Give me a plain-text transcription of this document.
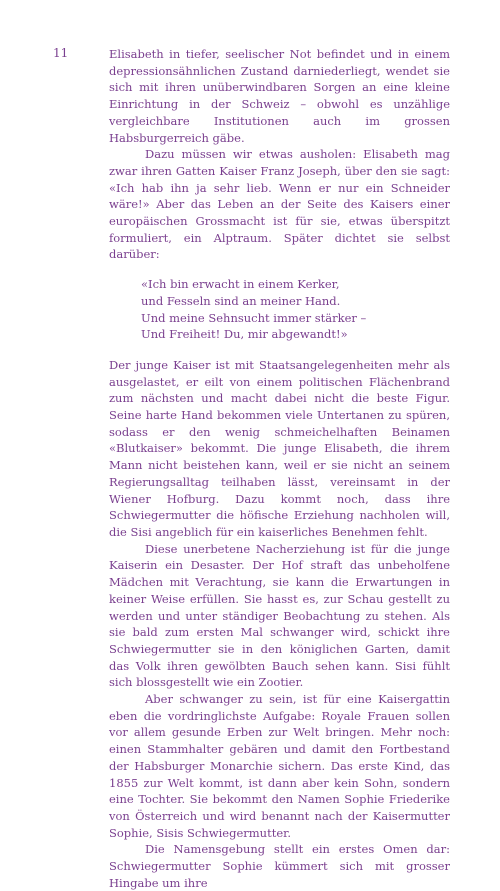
11	Elisabeth in tiefer, seelischer Not befindet und in einem depressionsähnlichen Zustand darniederliegt, wendet sie sich mit ihren unüberwindbaren Sorgen an eine kleine Einrichtung in der Schweiz – obwohl es unzählige vergleichbare Institutionen auch im grossen Habsburgerreich gäbe.

Dazu müssen wir etwas ausholen: Elisabeth mag zwar ihren Gatten Kaiser Franz Joseph, über den sie sagt: «Ich hab ihn ja sehr lieb. Wenn er nur ein Schneider wäre!» Aber das Leben an der Seite des Kaisers einer europäischen Grossmacht ist für sie, etwas überspitzt formuliert, ein Alptraum. Später dichtet sie selbst darüber:

«Ich bin erwacht in einem Kerker,
und Fesseln sind an meiner Hand.
Und meine Sehnsucht immer stärker –
Und Freiheit! Du, mir abgewandt!»

Der junge Kaiser ist mit Staatsangelegenheiten mehr als ausgelastet, er eilt von einem politischen Flächenbrand zum nächsten und macht dabei nicht die beste Figur. Seine harte Hand bekommen viele Untertanen zu spüren, sodass er den wenig schmeichelhaften Beinamen «Blutkaiser» bekommt. Die junge Elisabeth, die ihrem Mann nicht beistehen kann, weil er sie nicht an seinem Regierungsalltag teilhaben lässt, vereinsamt in der Wiener Hofburg. Dazu kommt noch, dass ihre Schwiegermutter die höfische Erziehung nachholen will, die Sisi angeblich für ein kaiserliches Benehmen fehlt.

Diese unerbetene Nacherziehung ist für die junge Kaiserin ein Desaster. Der Hof straft das unbeholfene Mädchen mit Verachtung, sie kann die Erwartungen in keiner Weise erfüllen. Sie hasst es, zur Schau gestellt zu werden und unter ständiger Beobachtung zu stehen. Als sie bald zum ersten Mal schwanger wird, schickt ihre Schwiegermutter sie in den königlichen Garten, damit das Volk ihren gewölbten Bauch sehen kann. Sisi fühlt sich blossgestellt wie ein Zootier.

Aber schwanger zu sein, ist für eine Kaisergattin eben die vordringlichste Aufgabe: Royale Frauen sollen vor allem gesunde Erben zur Welt bringen. Mehr noch: einen Stammhalter gebären und damit den Fortbestand der Habsburger Monarchie sichern. Das erste Kind, das 1855 zur Welt kommt, ist dann aber kein Sohn, sondern eine Tochter. Sie bekommt den Namen Sophie Friederike von Österreich und wird benannt nach der Kaisermutter Sophie, Sisis Schwiegermutter.

Die Namensgebung stellt ein erstes Omen dar: Schwiegermutter Sophie kümmert sich mit grosser Hingabe um ihre
